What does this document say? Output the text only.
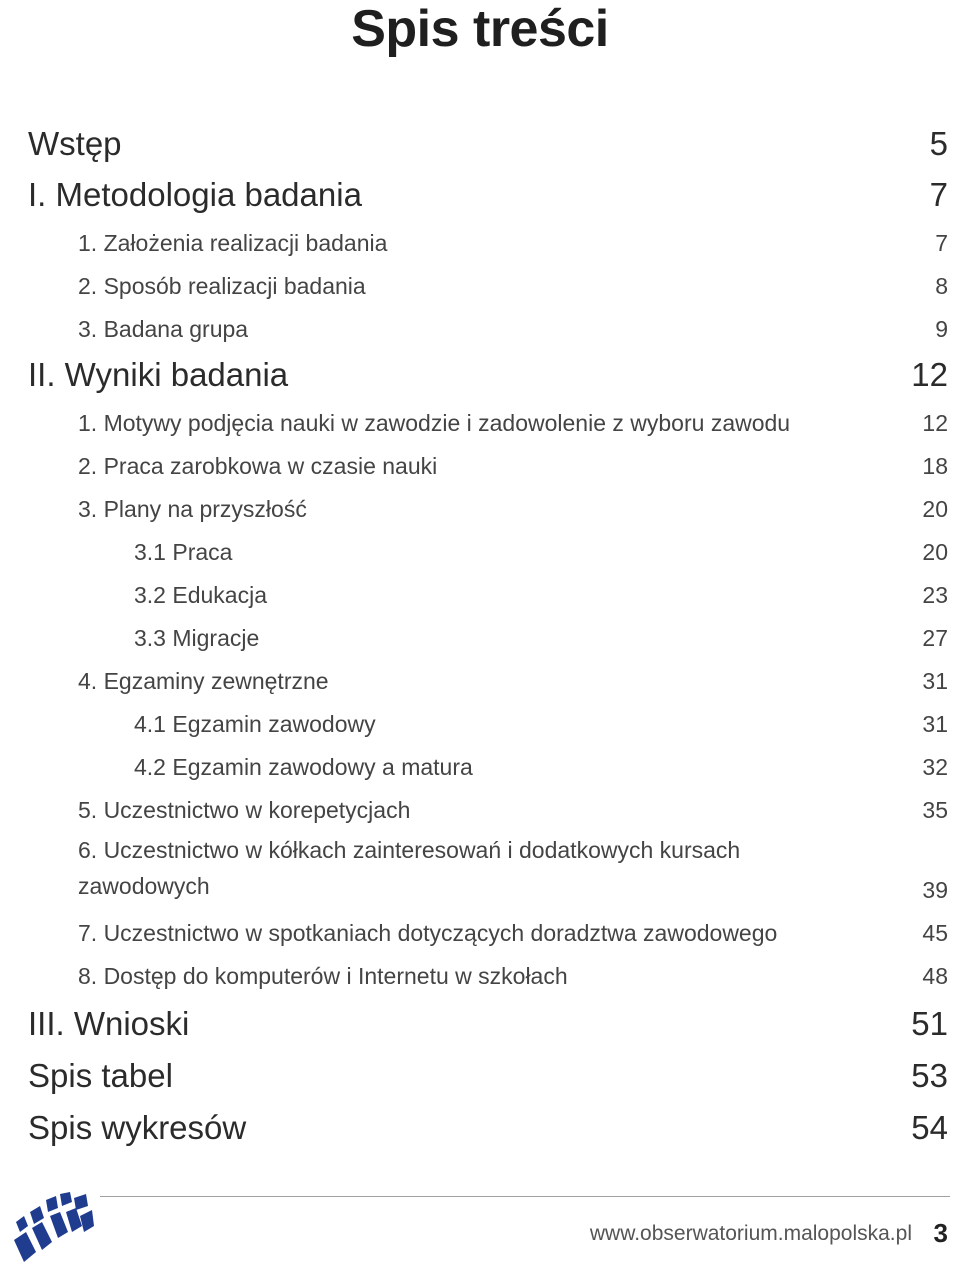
Spis treści
Wstęp	5
I. Metodologia badania	7
1. Założenia realizacji badania	7
2. Sposób realizacji badania	8
3. Badana grupa	9
II. Wyniki badania	12
1. Motywy podjęcia nauki w zawodzie i zadowolenie z wyboru zawodu	12
2. Praca zarobkowa w czasie nauki	18
3. Plany na przyszłość	20
3.1 Praca	20
3.2 Edukacja	23
3.3 Migracje	27
4. Egzaminy zewnętrzne	31
4.1 Egzamin zawodowy	31
4.2 Egzamin zawodowy a matura	32
5. Uczestnictwo w korepetycjach	35
6. Uczestnictwo w kółkach zainteresowań i dodatkowych kursach zawodowych	39
7. Uczestnictwo w spotkaniach dotyczących doradztwa zawodowego	45
8. Dostęp do komputerów i Internetu w szkołach	48
III. Wnioski	51
Spis tabel	53
Spis wykresów	54
www.obserwatorium.malopolska.pl 3
